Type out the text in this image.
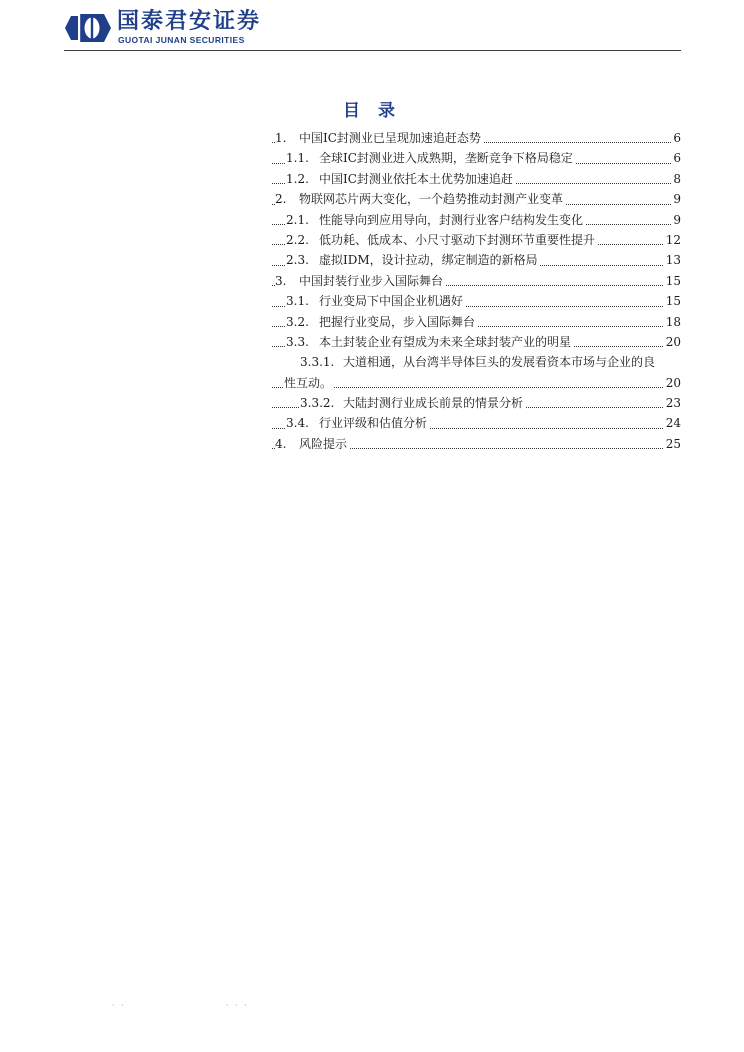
国泰君安证券
GUOTAI JUNAN SECURITIES
目 录
1. 中国IC封测业已呈现加速追赶态势	6
1.1. 全球IC封测业进入成熟期，垄断竞争下格局稳定	6
1.2. 中国IC封测业依托本土优势加速追赶	8
2. 物联网芯片两大变化，一个趋势推动封测产业变革	9
2.1. 性能导向到应用导向，封测行业客户结构发生变化	9
2.2. 低功耗、低成本、小尺寸驱动下封测环节重要性提升	12
2.3. 虚拟IDM，设计拉动，绑定制造的新格局	13
3. 中国封装行业步入国际舞台	15
3.1. 行业变局下中国企业机遇好	15
3.2. 把握行业变局，步入国际舞台	18
3.3. 本土封装企业有望成为未来全球封装产业的明星	20
3.3.1. 大道相通，从台湾半导体巨头的发展看资本市场与企业的良
性互动。	20
3.3.2. 大陆封测行业成长前景的情景分析	23
3.4. 行业评级和估值分析	24
4. 风险提示	25
· ·	· · ·
